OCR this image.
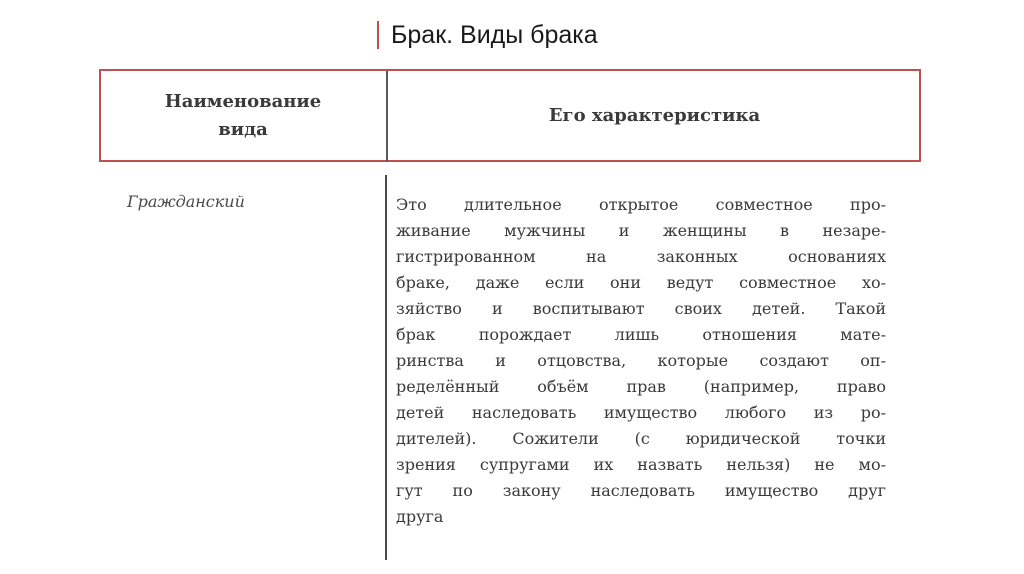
Брак. Виды брака
Наименование
вида
Его характеристика
Гражданский	Это длительное открытое совместное про-
живание мужчины и женщины в незаре-
гистрированном на законных основаниях
браке, даже если они ведут совместное хо-
зяйство и воспитывают своих детей. Такой
брак порождает лишь отношения мате-
ринства и отцовства, которые создают оп-
ределённый объём прав (например, право
детей наследовать имущество любого из ро-
дителей). Сожители (с юридической точки
зрения супругами их назвать нельзя) не мо-
гут по закону наследовать имущество друг
друга
